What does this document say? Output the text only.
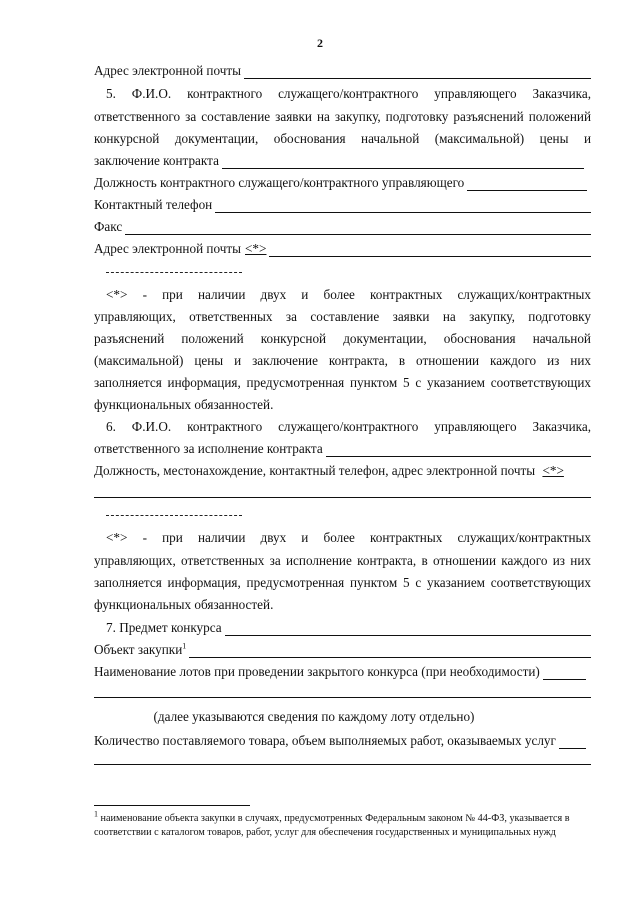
2
Адрес электронной почты
5. Ф.И.О. контрактного служащего/контрактного управляющего Заказчика,
ответственного за составление заявки на закупку, подготовку разъяснений положений
конкурсной документации, обоснования начальной (максимальной) цены и
заключение контракта
Должность контрактного служащего/контрактного управляющего
Контактный телефон
Факс
Адрес электронной почты <*>
<*> - при наличии двух и более контрактных служащих/контрактных
управляющих, ответственных за составление заявки на закупку, подготовку
разъяснений положений конкурсной документации, обоснования начальной
(максимальной) цены и заключение контракта, в отношении каждого из них
заполняется информация, предусмотренная пунктом 5 с указанием соответствующих
функциональных обязанностей.
6. Ф.И.О. контрактного служащего/контрактного управляющего Заказчика,
ответственного за исполнение контракта
Должность, местонахождение, контактный телефон, адрес электронной почты <*>
<*> - при наличии двух и более контрактных служащих/контрактных
управляющих, ответственных за исполнение контракта, в отношении каждого из них
заполняется информация, предусмотренная пунктом 5 с указанием соответствующих
функциональных обязанностей.
7. Предмет конкурса
Объект закупки$^1$
Наименование лотов при проведении закрытого конкурса (при необходимости)
(далее указываются сведения по каждому лоту отдельно)
Количество поставляемого товара, объем выполняемых работ, оказываемых услуг
$^1$ наименование объекта закупки в случаях, предусмотренных Федеральным законом № 44-ФЗ, указывается в
соответствии с каталогом товаров, работ, услуг для обеспечения государственных и муниципальных нужд
